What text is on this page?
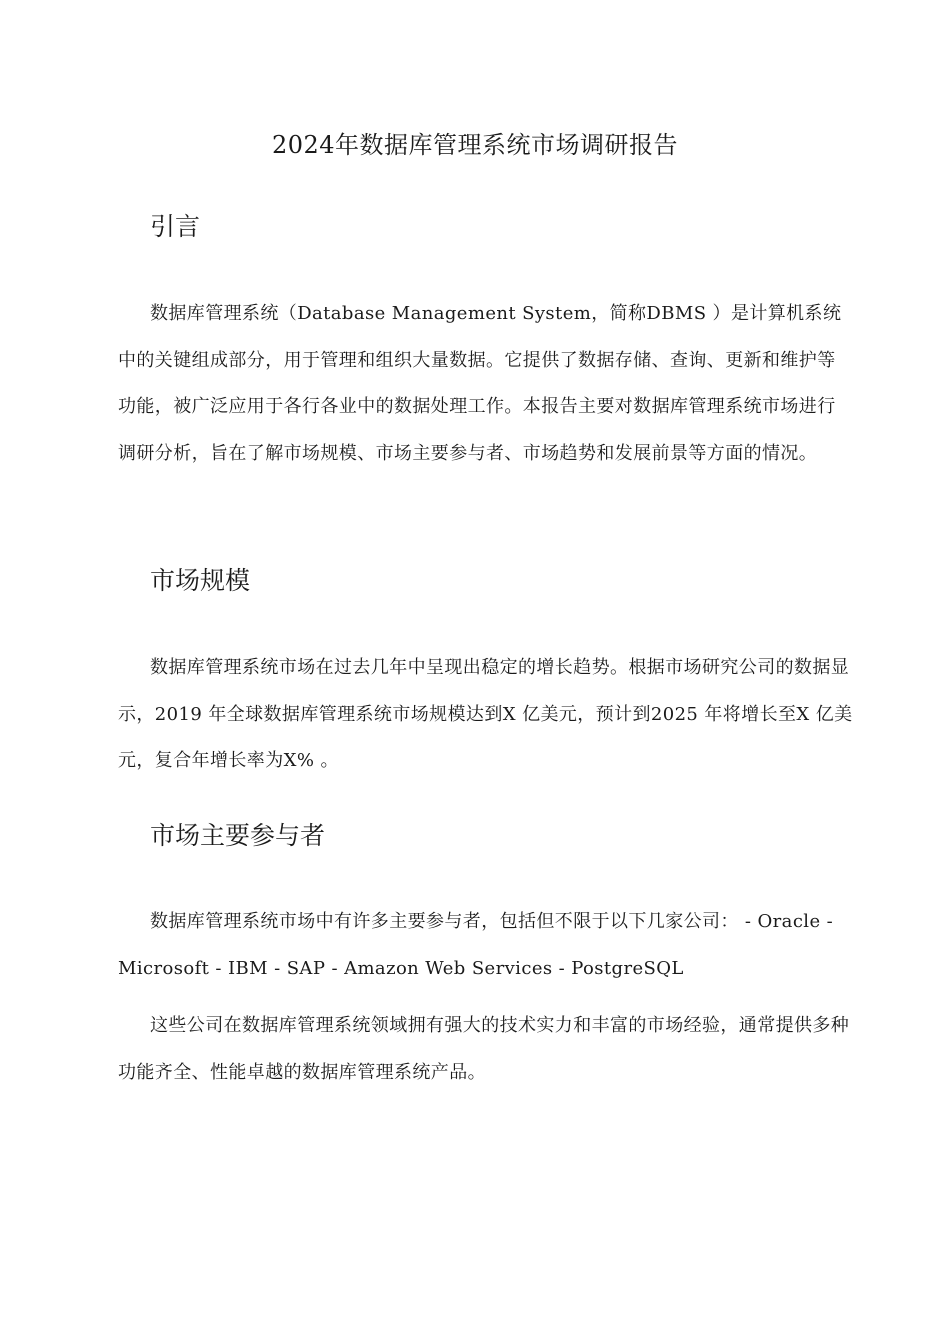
2024年数据库管理系统市场调研报告
引言

数据库管理系统（Database Management System，简称DBMS ）是计算机系统中的关键组成部分，用于管理和组织大量数据。它提供了数据存储、查询、更新和维护等功能，被广泛应用于各行各业中的数据处理工作。本报告主要对数据库管理系统市场进行调研分析，旨在了解市场规模、市场主要参与者、市场趋势和发展前景等方面的情况。

市场规模

数据库管理系统市场在过去几年中呈现出稳定的增长趋势。根据市场研究公司的数据显示，2019 年全球数据库管理系统市场规模达到X 亿美元，预计到2025 年将增长至X 亿美元，复合年增长率为X% 。

市场主要参与者

数据库管理系统市场中有许多主要参与者，包括但不限于以下几家公司： - Oracle - Microsoft - IBM - SAP - Amazon Web Services - PostgreSQL

这些公司在数据库管理系统领域拥有强大的技术实力和丰富的市场经验，通常提供多种功能齐全、性能卓越的数据库管理系统产品。
